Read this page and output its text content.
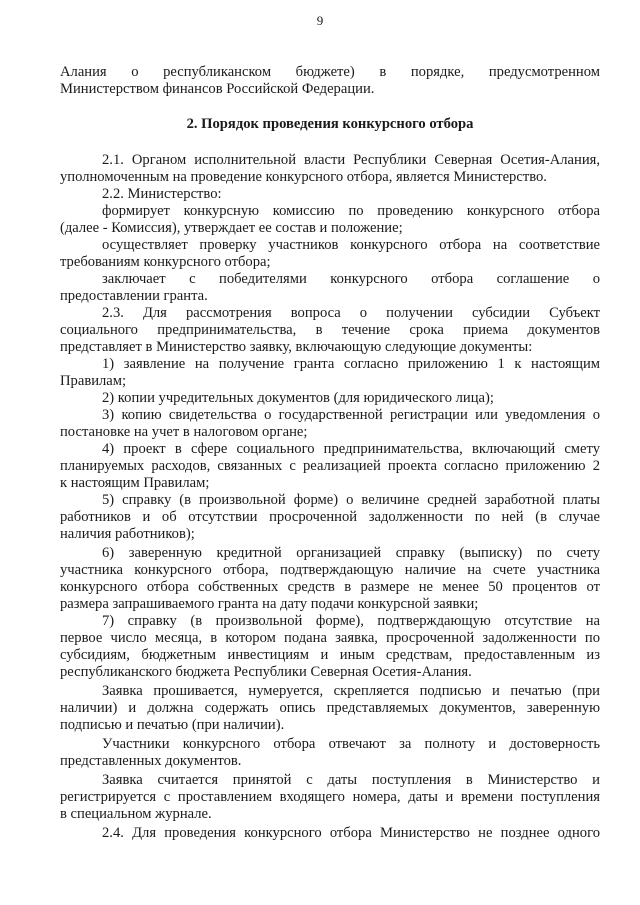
9
Алания о республиканском бюджете) в порядке, предусмотренном
Министерством финансов Российской Федерации.
2. Порядок проведения конкурсного отбора
2.1. Органом исполнительной власти Республики Северная Осетия-Алания,
уполномоченным на проведение конкурсного отбора, является Министерство.
2.2. Министерство:
формирует конкурсную комиссию по проведению конкурсного отбора
(далее - Комиссия), утверждает ее состав и положение;
осуществляет проверку участников конкурсного отбора на соответствие
требованиям конкурсного отбора;
заключает с победителями конкурсного отбора соглашение о
предоставлении гранта.
2.3. Для рассмотрения вопроса о получении субсидии Субъект
социального предпринимательства, в течение срока приема документов
представляет в Министерство заявку, включающую следующие документы:
1) заявление на получение гранта согласно приложению 1 к настоящим
Правилам;
2) копии учредительных документов (для юридического лица);
3) копию свидетельства о государственной регистрации или уведомления о
постановке на учет в налоговом органе;
4) проект в сфере социального предпринимательства, включающий смету
планируемых расходов, связанных с реализацией проекта согласно приложению 2
к настоящим Правилам;
5) справку (в произвольной форме) о величине средней заработной платы
работников и об отсутствии просроченной задолженности по ней (в случае
наличия работников);
6) заверенную кредитной организацией справку (выписку) по счету
участника конкурсного отбора, подтверждающую наличие на счете участника
конкурсного отбора собственных средств в размере не менее 50 процентов от
размера запрашиваемого гранта на дату подачи конкурсной заявки;
7) справку (в произвольной форме), подтверждающую отсутствие на
первое число месяца, в котором подана заявка, просроченной задолженности по
субсидиям, бюджетным инвестициям и иным средствам, предоставленным из
республиканского бюджета Республики Северная Осетия-Алания.
Заявка прошивается, нумеруется, скрепляется подписью и печатью (при
наличии) и должна содержать опись представляемых документов, заверенную
подписью и печатью (при наличии).
Участники конкурсного отбора отвечают за полноту и достоверность
представленных документов.
Заявка считается принятой с даты поступления в Министерство и
регистрируется с проставлением входящего номера, даты и времени поступления
в специальном журнале.
2.4. Для проведения конкурсного отбора Министерство не позднее одного
